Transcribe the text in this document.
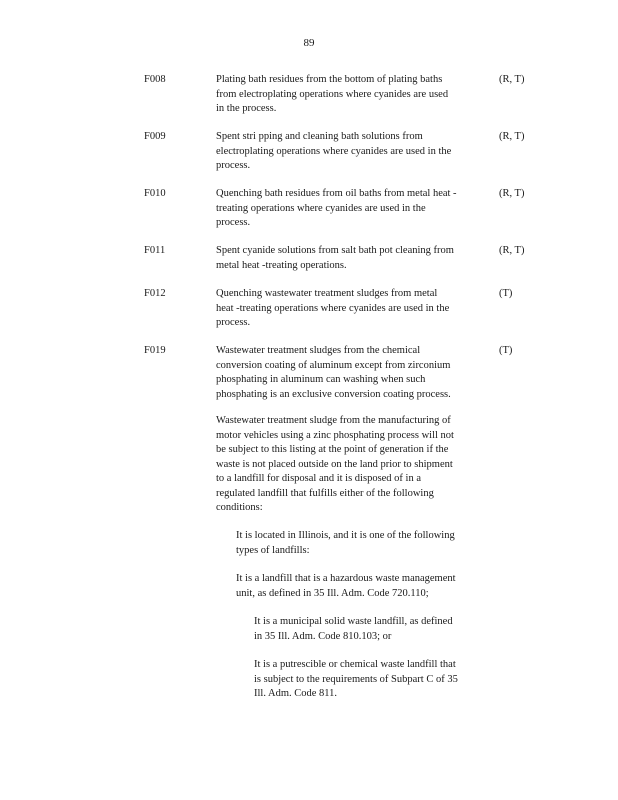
89
F008	Plating bath residues from the bottom of plating baths
from electroplating operations where cyanides are used
in the process.
(R, T)
F009	Spent stri pping and cleaning bath solutions from
electroplating operations where cyanides are used in the
process.
(R, T)
F010	Quenching bath residues from oil baths from metal heat -
treating operations where cyanides are used in the
process.
(R, T)
F011	Spent cyanide solutions from salt bath pot cleaning from
metal heat -treating operations.
(R, T)
F012	Quenching wastewater treatment sludges from metal
heat -treating operations where cyanides are used in the
process.
(T)
F019	Wastewater treatment sludges from the chemical
conversion coating of aluminum except from zirconium
phosphating in aluminum can washing when such
phosphating is an exclusive conversion coating process.
(T)
Wastewater treatment sludge from the manufacturing of
motor vehicles using a zinc phosphating process will not
be subject to this listing at the point of generation if the
waste is not placed outside on the land prior to shipment
to a landfill for disposal and it is disposed of in a
regulated landfill that fulfills either of the following
conditions:
It is located in Illinois, and it is one of the following
types of landfills:
It is a landfill that is a hazardous waste management
unit, as defined in 35 Ill. Adm. Code 720.110;
It is a municipal solid waste landfill, as defined
in 35 Ill. Adm. Code 810.103; or
It is a putrescible or chemical waste landfill that
is subject to the requirements of Subpart C of 35
Ill. Adm. Code 811.
